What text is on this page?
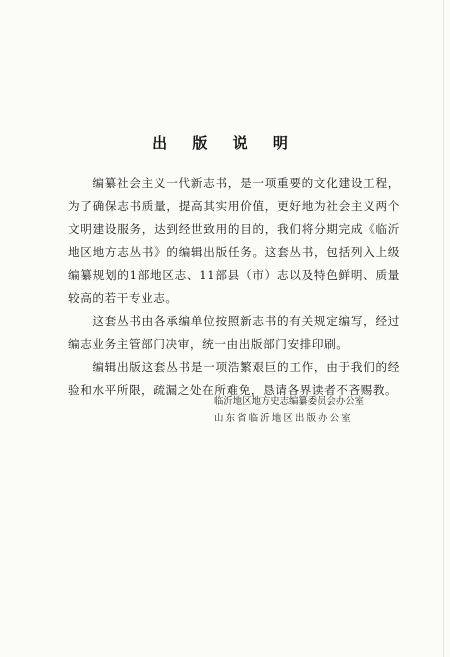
出 版 说 明

编纂社会主义一代新志书，是一项重要的文化建设工程，为了确保志书质量，提高其实用价值，更好地为社会主义两个文明建设服务，达到经世致用的目的，我们将分期完成《临沂地区地方志丛书》的编辑出版任务。这套丛书，包括列入上级编纂规划的1部地区志、11部县（市）志以及特色鲜明、质量较高的若干专业志。

这套丛书由各承编单位按照新志书的有关规定编写，经过编志业务主管部门决审，统一由出版部门安排印刷。

编辑出版这套丛书是一项浩繁艰巨的工作，由于我们的经验和水平所限，疏漏之处在所难免，恳请各界读者不吝赐教。

临沂地区地方史志编纂委员会办公室
山东省临沂地区出版办公室
